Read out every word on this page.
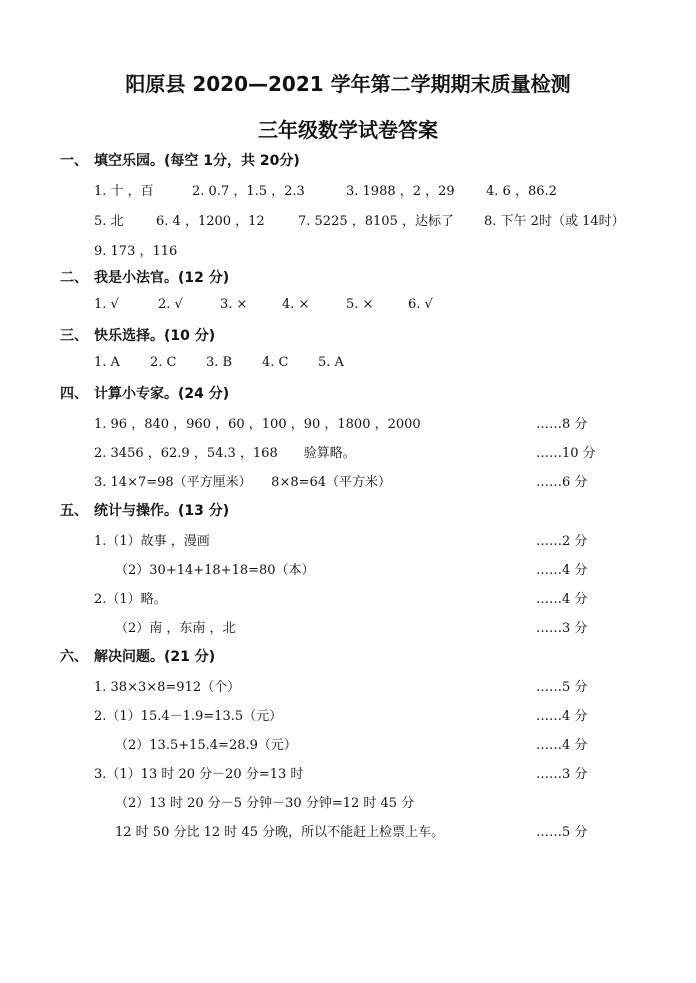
阳原县 2020—2021 学年第二学期期末质量检测
三年级数学试卷答案
一、 填空乐园。(每空 1分，共 20分)
1. 十 ，百	2. 0.7 ，1.5 ，2.3	3. 1988 ，2 ，29 4. 6 ，86.2
5. 北 6. 4 ，1200 ，12	7. 5225 ，8105 ，达标了 8. 下午 2时（或 14时）
9. 173 ，116
二、 我是小法官。(12 分)
1. √	2. √	3. ×	4. ×	5. ×	6. √
三、 快乐选择。(10 分)
1. A 2. C 3. B 4. C 5. A
四、 计算小专家。(24 分)
1. 96 ，840 ，960 ，60 ，100 ，90 ，1800 ，2000	……8 分
2. 3456 ，62.9 ，54.3 ，168　　验算略。	……10 分
3. 14×7=98（平方厘米）　　8×8=64（平方米）	……6 分
五、 统计与操作。(13 分)
1.（1）故事 ，漫画	……2 分
（2）30+14+18+18=80（本）	……4 分
2.（1）略。	……4 分
（2）南 ，东南 ，北	……3 分
六、 解决问题。(21 分)
1. 38×3×8=912（个）	……5 分
2.（1）15.4－1.9=13.5（元）	……4 分
（2）13.5+15.4=28.9（元）	……4 分
3.（1）13 时 20 分－20 分=13 时	……3 分
（2）13 时 20 分－5 分钟－30 分钟=12 时 45 分
12 时 50 分比 12 时 45 分晚，所以不能赶上检票上车。	……5 分
